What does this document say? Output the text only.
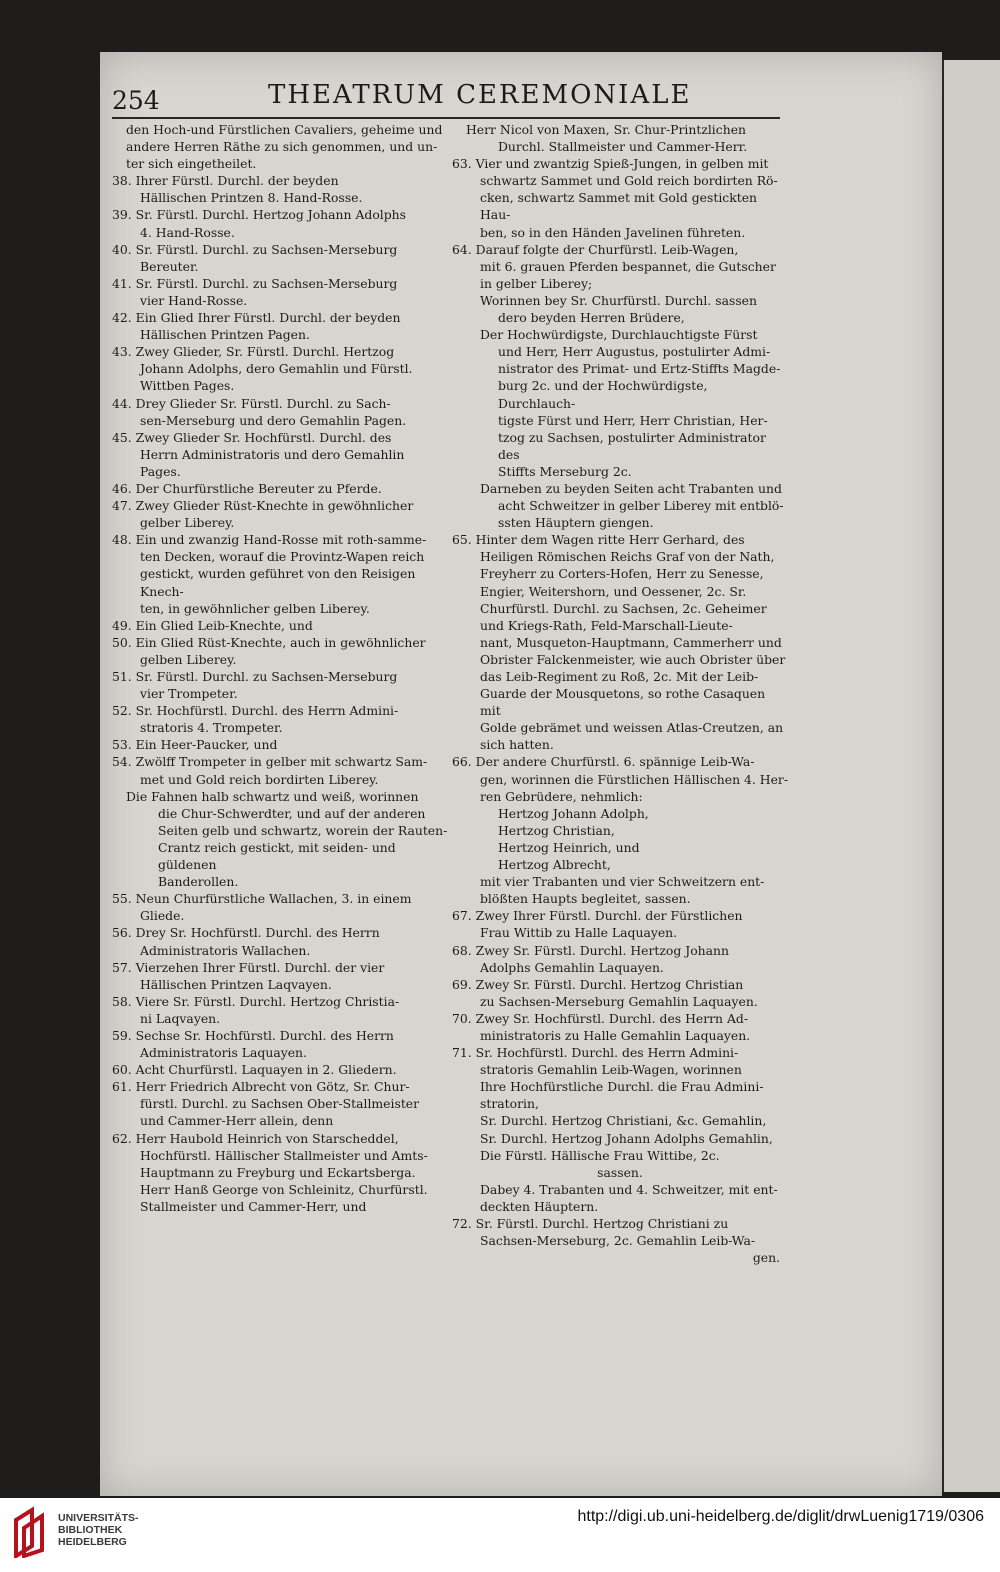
254	THEATRUM CEREMONIALE
den Hoch-und Fürstlichen Cavaliers, geheime und
andere Herren Räthe zu sich genommen, und un-
ter sich eingetheilet.
38. Ihrer Fürstl. Durchl. der beyden
Hällischen Printzen 8. Hand-Rosse.
39. Sr. Fürstl. Durchl. Hertzog Johann Adolphs
4. Hand-Rosse.
40. Sr. Fürstl. Durchl. zu Sachsen-Merseburg
Bereuter.
41. Sr. Fürstl. Durchl. zu Sachsen-Merseburg
vier Hand-Rosse.
42. Ein Glied Ihrer Fürstl. Durchl. der beyden
Hällischen Printzen Pagen.
43. Zwey Glieder, Sr. Fürstl. Durchl. Hertzog
Johann Adolphs, dero Gemahlin und Fürstl.
Wittben Pages.
44. Drey Glieder Sr. Fürstl. Durchl. zu Sach-
sen-Merseburg und dero Gemahlin Pagen.
45. Zwey Glieder Sr. Hochfürstl. Durchl. des
Herrn Administratoris und dero Gemahlin
Pages.
46. Der Churfürstliche Bereuter zu Pferde.
47. Zwey Glieder Rüst-Knechte in gewöhnlicher
gelber Liberey.
48. Ein und zwanzig Hand-Rosse mit roth-samme-
ten Decken, worauf die Provintz-Wapen reich
gestickt, wurden geführet von den Reisigen Knech-
ten, in gewöhnlicher gelben Liberey.
49. Ein Glied Leib-Knechte, und
50. Ein Glied Rüst-Knechte, auch in gewöhnlicher
gelben Liberey.
51. Sr. Fürstl. Durchl. zu Sachsen-Merseburg
vier Trompeter.
52. Sr. Hochfürstl. Durchl. des Herrn Admini-
stratoris 4. Trompeter.
53. Ein Heer-Paucker, und
54. Zwölff Trompeter in gelber mit schwartz Sam-
met und Gold reich bordirten Liberey.
Die Fahnen halb schwartz und weiß, worinnen
die Chur-Schwerdter, und auf der anderen
Seiten gelb und schwartz, worein der Rauten-
Crantz reich gestickt, mit seiden- und güldenen
Banderollen.
55. Neun Churfürstliche Wallachen, 3. in einem
Gliede.
56. Drey Sr. Hochfürstl. Durchl. des Herrn
Administratoris Wallachen.
57. Vierzehen Ihrer Fürstl. Durchl. der vier
Hällischen Printzen Laqvayen.
58. Viere Sr. Fürstl. Durchl. Hertzog Christia-
ni Laqvayen.
59. Sechse Sr. Hochfürstl. Durchl. des Herrn
Administratoris Laquayen.
60. Acht Churfürstl. Laquayen in 2. Gliedern.
61. Herr Friedrich Albrecht von Götz, Sr. Chur-
fürstl. Durchl. zu Sachsen Ober-Stallmeister
und Cammer-Herr allein, denn
62. Herr Haubold Heinrich von Starscheddel,
Hochfürstl. Hällischer Stallmeister und Amts-
Hauptmann zu Freyburg und Eckartsberga.
Herr Hanß George von Schleinitz, Churfürstl.
Stallmeister und Cammer-Herr, und
Herr Nicol von Maxen, Sr. Chur-Printzlichen
Durchl. Stallmeister und Cammer-Herr.
63. Vier und zwantzig Spieß-Jungen, in gelben mit
schwartz Sammet und Gold reich bordirten Rö-
cken, schwartz Sammet mit Gold gestickten Hau-
ben, so in den Händen Javelinen führeten.
64. Darauf folgte der Churfürstl. Leib-Wagen,
mit 6. grauen Pferden bespannet, die Gutscher
in gelber Liberey;
Worinnen bey Sr. Churfürstl. Durchl. sassen
dero beyden Herren Brüdere,
Der Hochwürdigste, Durchlauchtigste Fürst
und Herr, Herr Augustus, postulirter Admi-
nistrator des Primat- und Ertz-Stiffts Magde-
burg 2c. und der Hochwürdigste, Durchlauch-
tigste Fürst und Herr, Herr Christian, Her-
tzog zu Sachsen, postulirter Administrator des
Stiffts Merseburg 2c.
Darneben zu beyden Seiten acht Trabanten und
acht Schweitzer in gelber Liberey mit entblö-
ssten Häuptern giengen.
65. Hinter dem Wagen ritte Herr Gerhard, des
Heiligen Römischen Reichs Graf von der Nath,
Freyherr zu Corters-Hofen, Herr zu Senesse,
Engier, Weitershorn, und Oessener, 2c. Sr.
Churfürstl. Durchl. zu Sachsen, 2c. Geheimer
und Kriegs-Rath, Feld-Marschall-Lieute-
nant, Musqueton-Hauptmann, Cammerherr und
Obrister Falckenmeister, wie auch Obrister über
das Leib-Regiment zu Roß, 2c. Mit der Leib-
Guarde der Mousquetons, so rothe Casaquen mit
Golde gebrämet und weissen Atlas-Creutzen, an
sich hatten.
66. Der andere Churfürstl. 6. spännige Leib-Wa-
gen, worinnen die Fürstlichen Hällischen 4. Her-
ren Gebrüdere, nehmlich:
Hertzog Johann Adolph,
Hertzog Christian,
Hertzog Heinrich, und
Hertzog Albrecht,
mit vier Trabanten und vier Schweitzern ent-
blößten Haupts begleitet, sassen.
67. Zwey Ihrer Fürstl. Durchl. der Fürstlichen
Frau Wittib zu Halle Laquayen.
68. Zwey Sr. Fürstl. Durchl. Hertzog Johann
Adolphs Gemahlin Laquayen.
69. Zwey Sr. Fürstl. Durchl. Hertzog Christian
zu Sachsen-Merseburg Gemahlin Laquayen.
70. Zwey Sr. Hochfürstl. Durchl. des Herrn Ad-
ministratoris zu Halle Gemahlin Laquayen.
71. Sr. Hochfürstl. Durchl. des Herrn Admini-
stratoris Gemahlin Leib-Wagen, worinnen
Ihre Hochfürstliche Durchl. die Frau Admini-
stratorin,
Sr. Durchl. Hertzog Christiani, &c. Gemahlin,
Sr. Durchl. Hertzog Johann Adolphs Gemahlin,
Die Fürstl. Hällische Frau Wittibe, 2c.
sassen.
Dabey 4. Trabanten und 4. Schweitzer, mit ent-
deckten Häuptern.
72. Sr. Fürstl. Durchl. Hertzog Christiani zu
Sachsen-Merseburg, 2c. Gemahlin Leib-Wa-
gen.
UNIVERSITÄTS-
BIBLIOTHEK
HEIDELBERG
http://digi.ub.uni-heidelberg.de/diglit/drwLuenig1719/0306
